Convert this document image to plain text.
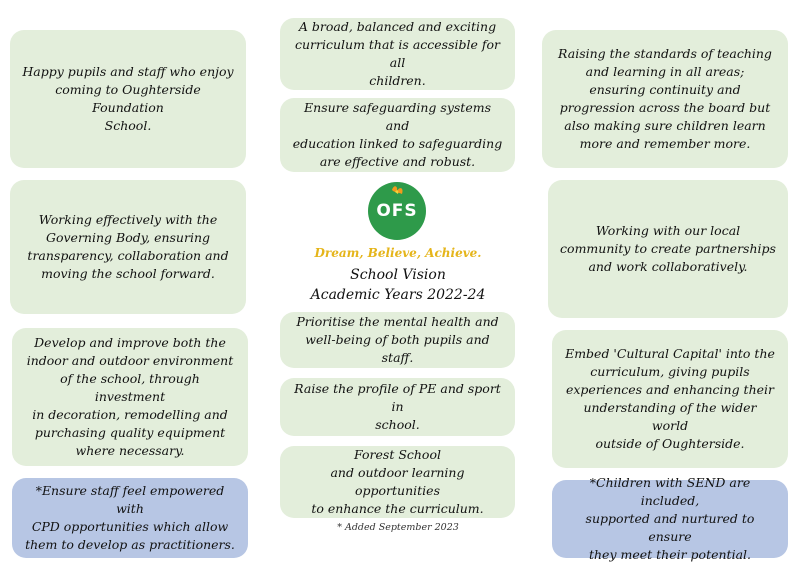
Happy pupils and staff who enjoy
coming to Oughterside Foundation
School.
A broad, balanced and exciting
curriculum that is accessible for all
children.
Ensure safeguarding systems and
education linked to safeguarding
are effective and robust.
Raising the standards of teaching
and learning in all areas;
ensuring continuity and
progression across the board but
also making sure children learn
more and remember more.
Working effectively with the
Governing Body, ensuring
transparency, collaboration and
moving the school forward.
Working with our local
community to create partnerships
and work collaboratively.
OFS
Dream, Believe, Achieve.
School Vision
Academic Years 2022-24
Develop and improve both the
indoor and outdoor environment
of the school, through investment
in decoration, remodelling and
purchasing quality equipment
where necessary.
Prioritise the mental health and
well-being of both pupils and staff.	Embed 'Cultural Capital' into the
curriculum, giving pupils
experiences and enhancing their
understanding of the wider world
outside of Oughterside.
Raise the profile of PE and sport in
school.
Forest School
and outdoor learning opportunities
to enhance the curriculum.
*Ensure staff feel empowered with
CPD opportunities which allow
them to develop as practitioners.
*Children with SEND are included,
supported and nurtured to ensure
they meet their potential.
* Added September 2023
